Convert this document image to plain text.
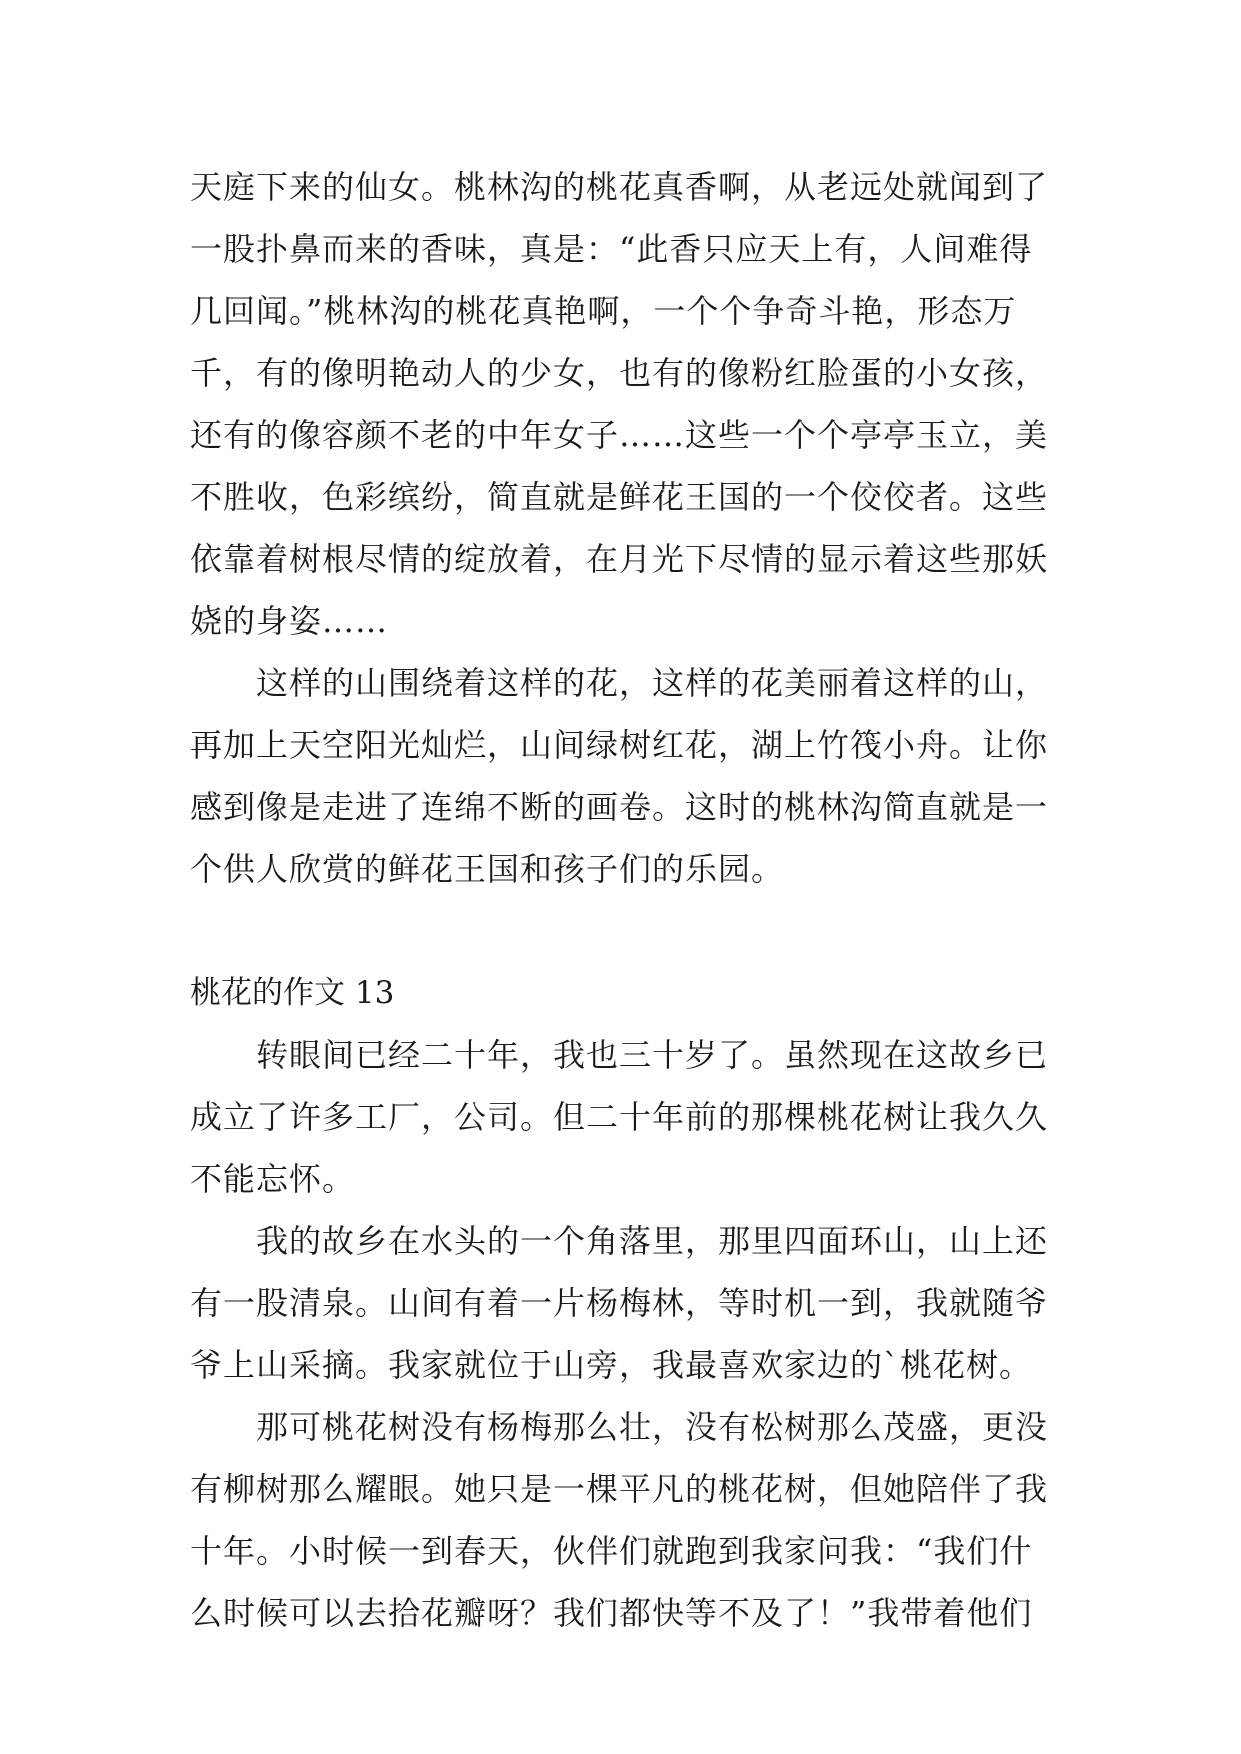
天庭下来的仙女。桃林沟的桃花真香啊，从老远处就闻到了
一股扑鼻而来的香味，真是：“此香只应天上有，人间难得
几回闻。”桃林沟的桃花真艳啊，一个个争奇斗艳，形态万
千，有的像明艳动人的少女，也有的像粉红脸蛋的小女孩，
还有的像容颜不老的中年女子……这些一个个亭亭玉立，美
不胜收，色彩缤纷，简直就是鲜花王国的一个佼佼者。这些
依靠着树根尽情的绽放着，在月光下尽情的显示着这些那妖
娆的身姿……
这样的山围绕着这样的花，这样的花美丽着这样的山，
再加上天空阳光灿烂，山间绿树红花，湖上竹筏小舟。让你
感到像是走进了连绵不断的画卷。这时的桃林沟简直就是一
个供人欣赏的鲜花王国和孩子们的乐园。
桃花的作文 13
转眼间已经二十年，我也三十岁了。虽然现在这故乡已
成立了许多工厂，公司。但二十年前的那棵桃花树让我久久
不能忘怀。
我的故乡在水头的一个角落里，那里四面环山，山上还
有一股清泉。山间有着一片杨梅林，等时机一到，我就随爷
爷上山采摘。我家就位于山旁，我最喜欢家边的`桃花树。
那可桃花树没有杨梅那么壮，没有松树那么茂盛，更没
有柳树那么耀眼。她只是一棵平凡的桃花树，但她陪伴了我
十年。小时候一到春天，伙伴们就跑到我家问我：“我们什
么时候可以去拾花瓣呀？我们都快等不及了！”我带着他们
